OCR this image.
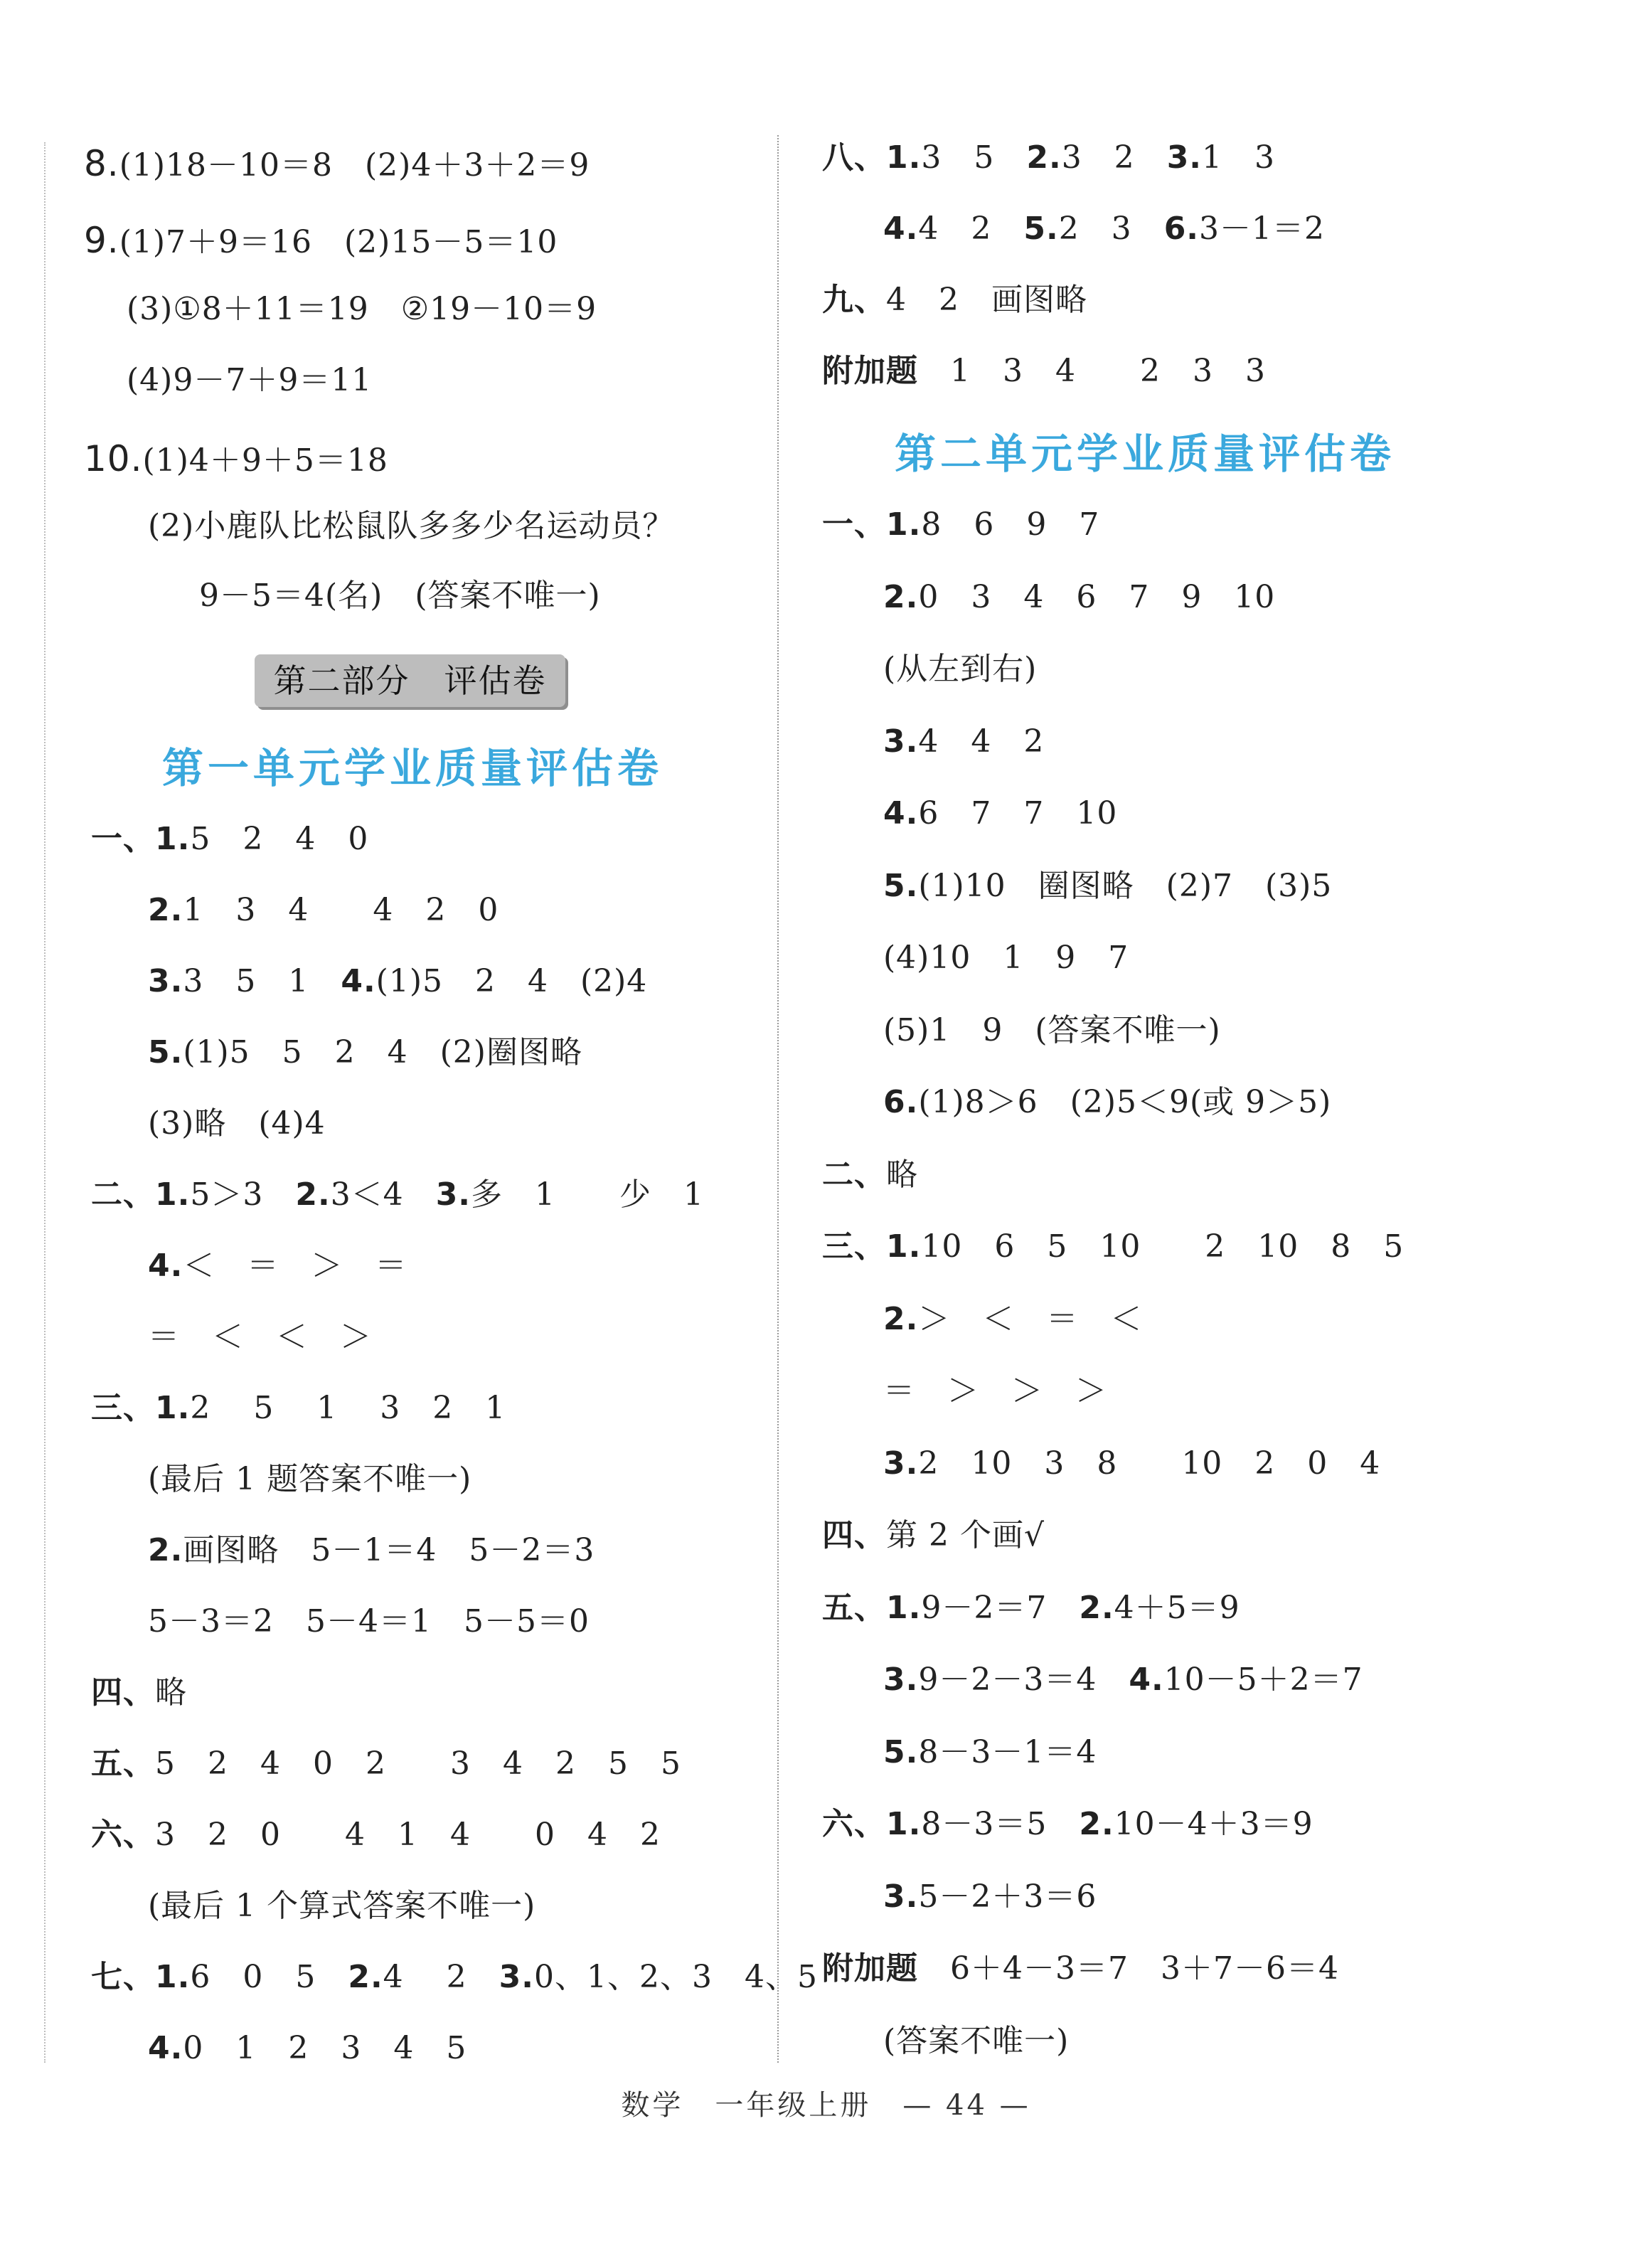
8.(1)18－10＝8　(2)4＋3＋2＝9
9.(1)7＋9＝16　(2)15－5＝10
(3)①8＋11＝19　②19－10＝9
(4)9－7＋9＝11
10.(1)4＋9＋5＝18
(2)小鹿队比松鼠队多多少名运动员？
9－5＝4(名)　(答案不唯一)
一、1.5　2　4　0
2.1　3　4　　4　2　0
3.3　5　1　4.(1)5　2　4　(2)4
5.(1)5　5　2　4　(2)圈图略
(3)略　(4)4
二、1.5＞3　2.3＜4　3.多　1　　少　1
4.＜　＝　＞　＝
＝　＜　＜　＞
三、1.2　 5　 1　 3　2　1
(最后 1 题答案不唯一)
2.画图略　5－1＝4　5－2＝3
5－3＝2　5－4＝1　5－5＝0
四、略
五、5　2　4　0　2　　3　4　2　5　5
六、3　2　0　　4　1　4　　0　4　2
(最后 1 个算式答案不唯一)
七、1.6　0　5　2.4　 2　3.0、1、2、3　4、5
4.0　1　2　3　4　5
八、1.3　5　2.3　2　3.1　3
4.4　2　5.2　3　6.3－1＝2
九、4　2　画图略
附加题　1　3　4　　2　3　3
一、1.8　6　9　7
2.0　3　4　6　7　9　10
(从左到右)
3.4　4　2
4.6　7　7　10
5.(1)10　圈图略　(2)7　(3)5
(4)10　1　9　7
(5)1　9　(答案不唯一)
6.(1)8＞6　(2)5＜9(或 9＞5)
二、略
三、1.10　6　5　10　　2　10　8　5
2.＞　＜　＝　＜
＝　＞　＞　＞
3.2　10　3　8　　10　2　0　4
四、第 2 个画√
五、1.9－2＝7　2.4＋5＝9
3.9－2－3＝4　4.10－5＋2＝7
5.8－3－1＝4
六、1.8－3＝5　2.10－4＋3＝9
3.5－2＋3＝6
附加题　6＋4－3＝7　3＋7－6＝4
(答案不唯一)
第二部分　评估卷
第一单元学业质量评估卷
第二单元学业质量评估卷
数学　一年级上册　— 44 —
